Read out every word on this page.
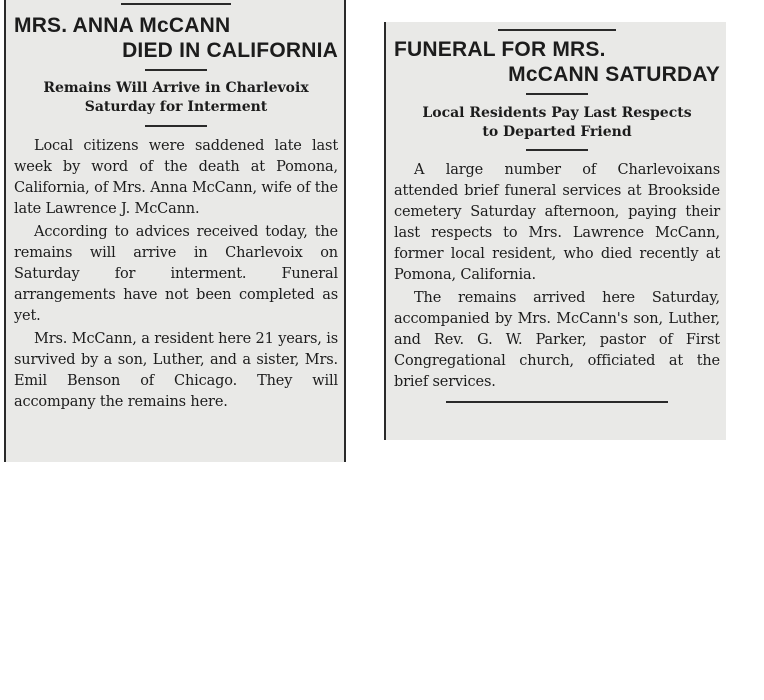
MRS. ANNA McCANN
DIED IN CALIFORNIA
Remains Will Arrive in Charlevoix
Saturday for Interment

Local citizens were saddened late last week by word of the death at Pomona, California, of Mrs. Anna McCann, wife of the late Lawrence J. McCann.

According to advices received today, the remains will arrive in Charlevoix on Saturday for interment. Funeral arrangements have not been completed as yet.

Mrs. McCann, a resident here 21 years, is survived by a son, Luther, and a sister, Mrs. Emil Benson of Chicago. They will accompany the remains here.

FUNERAL FOR MRS.
McCANN SATURDAY
Local Residents Pay Last Respects
to Departed Friend

A large number of Charlevoixans attended brief funeral services at Brookside cemetery Saturday afternoon, paying their last respects to Mrs. Lawrence McCann, former local resident, who died recently at Pomona, California.

The remains arrived here Saturday, accompanied by Mrs. McCann's son, Luther, and Rev. G. W. Parker, pastor of First Congregational church, officiated at the brief services.
